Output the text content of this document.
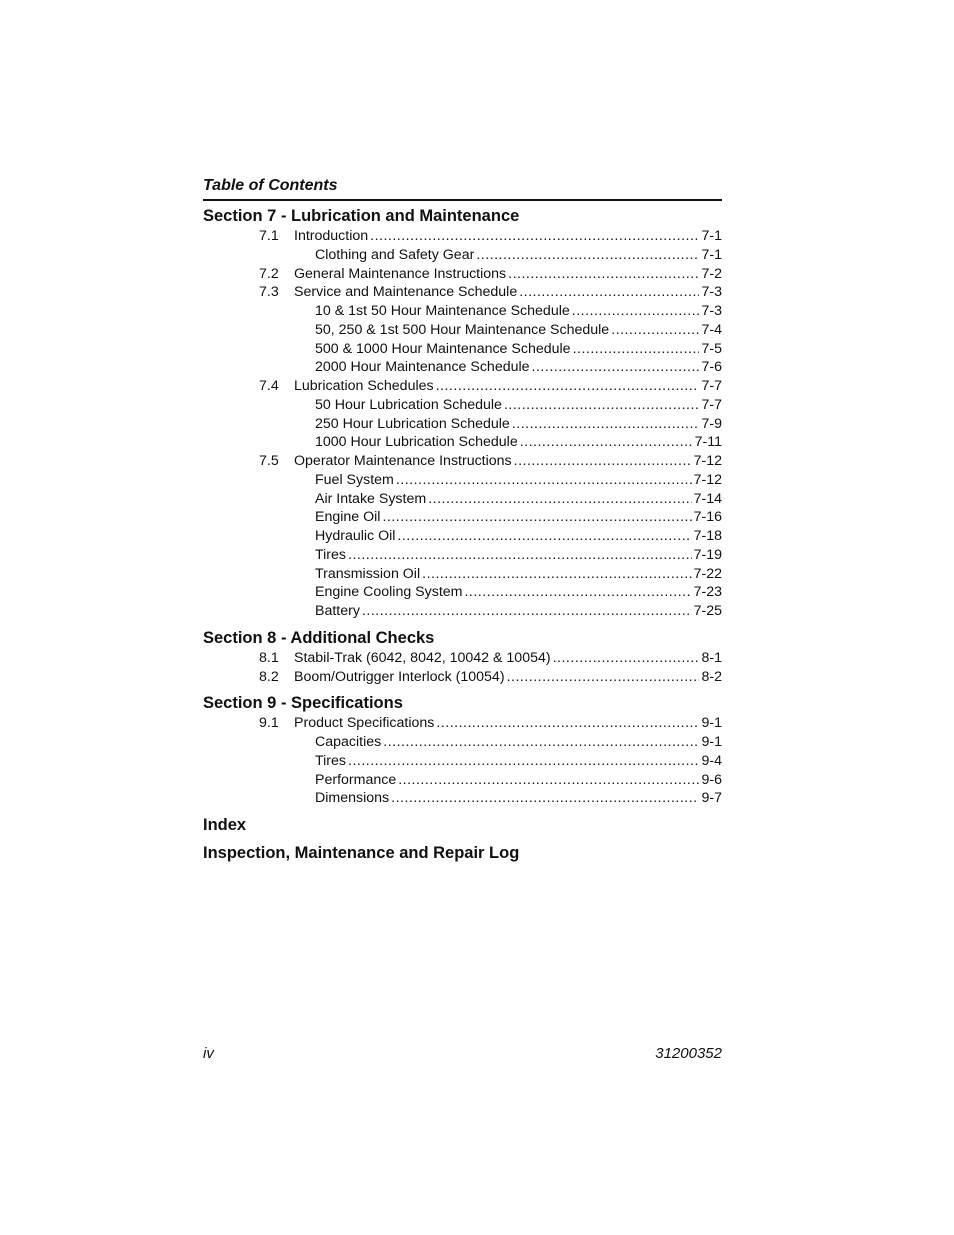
Table of Contents
Section 7 - Lubrication and Maintenance
7.1 Introduction .....	7-1
Clothing and Safety Gear .....	7-1
7.2 General Maintenance Instructions .....	7-2
7.3 Service and Maintenance Schedule .....	7-3
10 & 1st 50 Hour Maintenance Schedule .....	7-3
50, 250 & 1st 500 Hour Maintenance Schedule .....	7-4
500 & 1000 Hour Maintenance Schedule .....	7-5
2000 Hour Maintenance Schedule .....	7-6
7.4 Lubrication Schedules .....	7-7
50 Hour Lubrication Schedule .....	7-7
250 Hour Lubrication Schedule .....	7-9
1000 Hour Lubrication Schedule .....	7-11
7.5 Operator Maintenance Instructions .....	7-12
Fuel System .....	7-12
Air Intake System .....	7-14
Engine Oil .....	7-16
Hydraulic Oil .....	7-18
Tires .....	7-19
Transmission Oil .....	7-22
Engine Cooling System .....	7-23
Battery .....	7-25
Section 8 - Additional Checks
8.1 Stabil-Trak (6042, 8042, 10042 & 10054) .....	8-1
8.2 Boom/Outrigger Interlock (10054) .....	8-2
Section 9 - Specifications
9.1 Product Specifications .....	9-1
Capacities .....	9-1
Tires .....	9-4
Performance .....	9-6
Dimensions .....	9-7
Index
Inspection, Maintenance and Repair Log
iv	31200352
